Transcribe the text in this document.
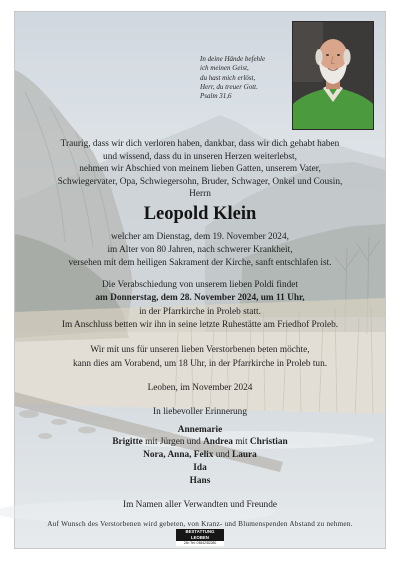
In deine Hände befehle
ich meinen Geist,
du hast mich erlöst,
Herr, du treuer Gott.
Psalm 31,6
Traurig, dass wir dich verloren haben, dankbar, dass wir dich gehabt haben
und wissend, dass du in unseren Herzen weiterlebst,
nehmen wir Abschied von meinem lieben Gatten, unserem Vater,
Schwiegervater, Opa, Schwiegersohn, Bruder, Schwager, Onkel und Cousin,
Herrn
Leopold Klein
welcher am Dienstag, dem 19. November 2024,
im Alter von 80 Jahren, nach schwerer Krankheit,
versehen mit dem heiligen Sakrament der Kirche, sanft entschlafen ist.
Die Verabschiedung von unserem lieben Poldi findet
am Donnerstag, dem 28. November 2024, um 11 Uhr,
in der Pfarrkirche in Proleb statt.
Im Anschluss betten wir ihn in seine letzte Ruhestätte am Friedhof Proleb.
Wir mit uns für unseren lieben Verstorbenen beten möchte,
kann dies am Vorabend, um 18 Uhr, in der Pfarrkirche in Proleb tun.
Leoben, im November 2024
In liebevoller Erinnerung
Annemarie
Brigitte mit Jürgen und Andrea mit Christian
Nora, Anna, Felix und Laura
Ida
Hans
Im Namen aller Verwandten und Freunde
Auf Wunsch des Verstorbenen wird gebeten, von Kranz- und Blumenspenden Abstand zu nehmen.
BESTATTUNG LEOBEN
24h Tel: 03842/82280
